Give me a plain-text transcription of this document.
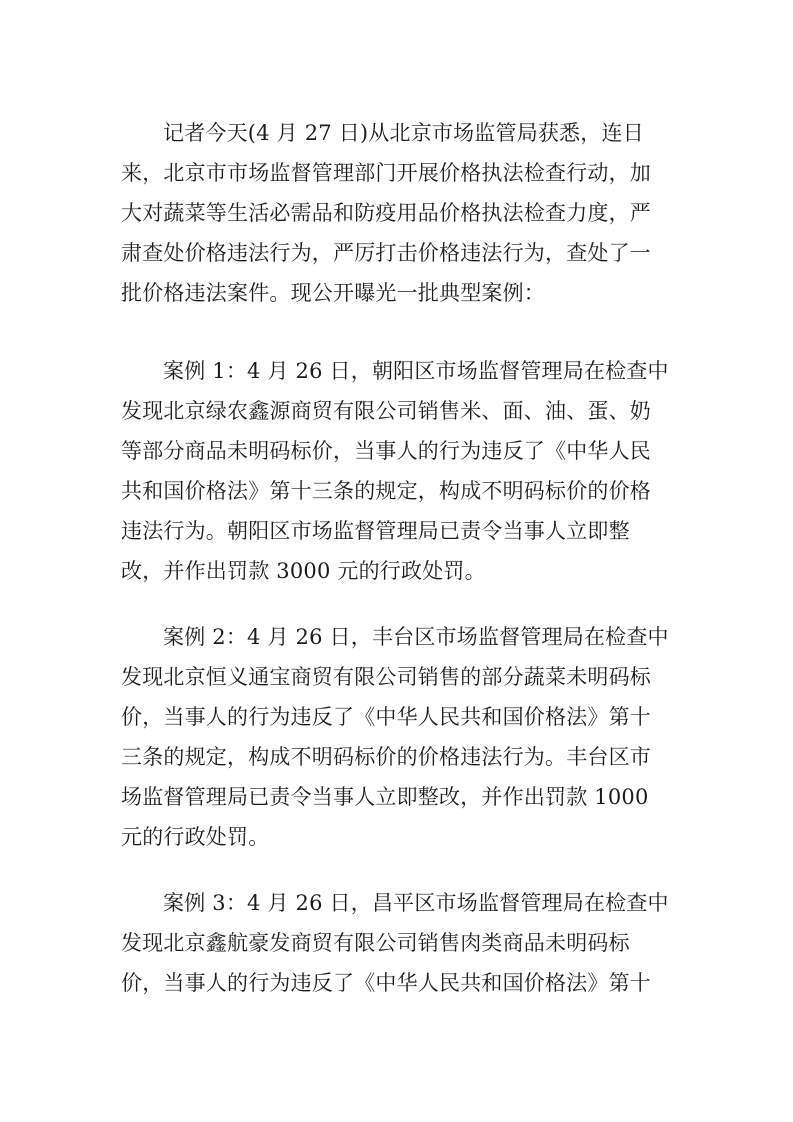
记者今天(4 月 27 日)从北京市场监管局获悉，连日
来，北京市市场监督管理部门开展价格执法检查行动，加
大对蔬菜等生活必需品和防疫用品价格执法检查力度，严
肃查处价格违法行为，严厉打击价格违法行为，查处了一
批价格违法案件。现公开曝光一批典型案例：
案例 1：4 月 26 日，朝阳区市场监督管理局在检查中
发现北京绿农鑫源商贸有限公司销售米、面、油、蛋、奶
等部分商品未明码标价，当事人的行为违反了《中华人民
共和国价格法》第十三条的规定，构成不明码标价的价格
违法行为。朝阳区市场监督管理局已责令当事人立即整
改，并作出罚款 3000 元的行政处罚。
案例 2：4 月 26 日，丰台区市场监督管理局在检查中
发现北京恒义通宝商贸有限公司销售的部分蔬菜未明码标
价，当事人的行为违反了《中华人民共和国价格法》第十
三条的规定，构成不明码标价的价格违法行为。丰台区市
场监督管理局已责令当事人立即整改，并作出罚款 1000
元的行政处罚。
案例 3：4 月 26 日，昌平区市场监督管理局在检查中
发现北京鑫航豪发商贸有限公司销售肉类商品未明码标
价，当事人的行为违反了《中华人民共和国价格法》第十
